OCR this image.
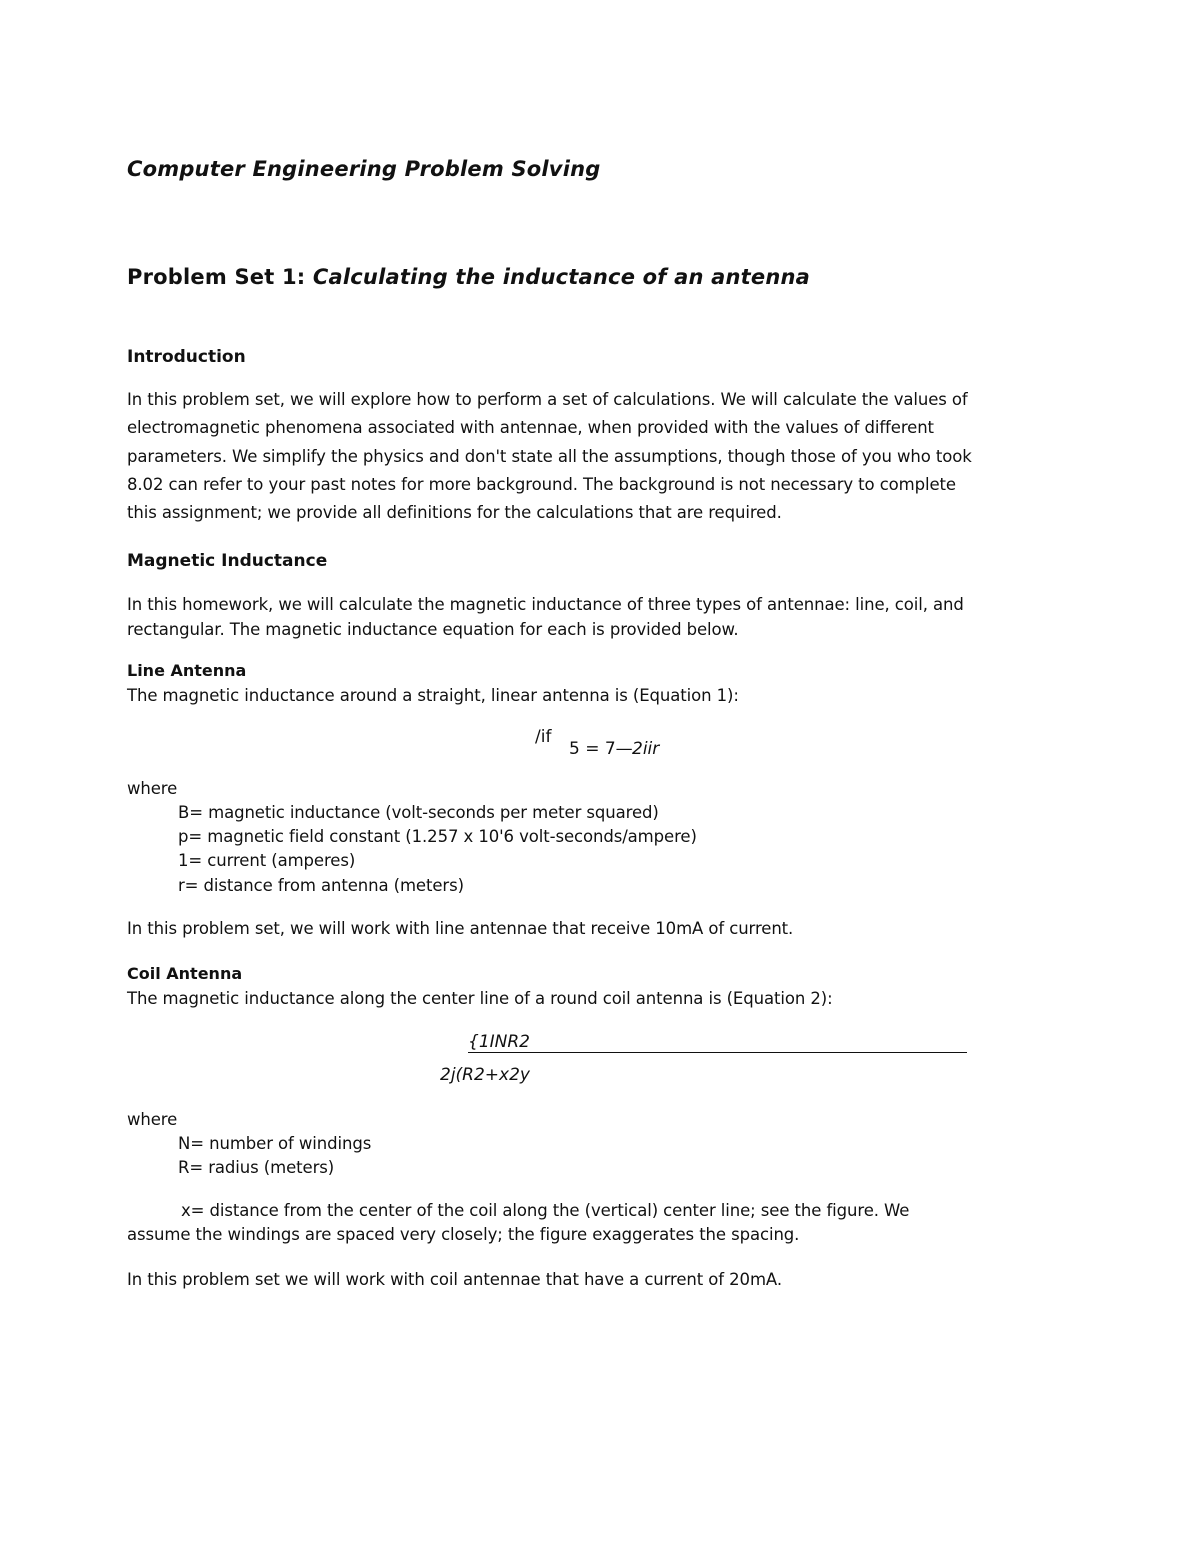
Computer Engineering Problem Solving
Problem Set 1: Calculating the inductance of an antenna
Introduction
In this problem set, we will explore how to perform a set of calculations. We will calculate the values of electromagnetic phenomena associated with antennae, when provided with the values of different parameters. We simplify the physics and don't state all the assumptions, though those of you who took 8.02 can refer to your past notes for more background. The background is not necessary to complete this assignment; we provide all definitions for the calculations that are required.
Magnetic Inductance
In this homework, we will calculate the magnetic inductance of three types of antennae: line, coil, and rectangular. The magnetic inductance equation for each is provided below.
Line Antenna
The magnetic inductance around a straight, linear antenna is (Equation 1):
/if
5 = 7— 2iir
where
B= magnetic inductance (volt-seconds per meter squared)
p= magnetic field constant (1.257 x 10'6 volt-seconds/ampere)
1= current (amperes)
r= distance from antenna (meters)
In this problem set, we will work with line antennae that receive 10mA of current.
Coil Antenna
The magnetic inductance along the center line of a round coil antenna is (Equation 2):
{1INR2
2j(R2+x2y
where
N= number of windings
R= radius (meters)
x= distance from the center of the coil along the (vertical) center line; see the figure. We
assume the windings are spaced very closely; the figure exaggerates the spacing.
In this problem set we will work with coil antennae that have a current of 20mA.
